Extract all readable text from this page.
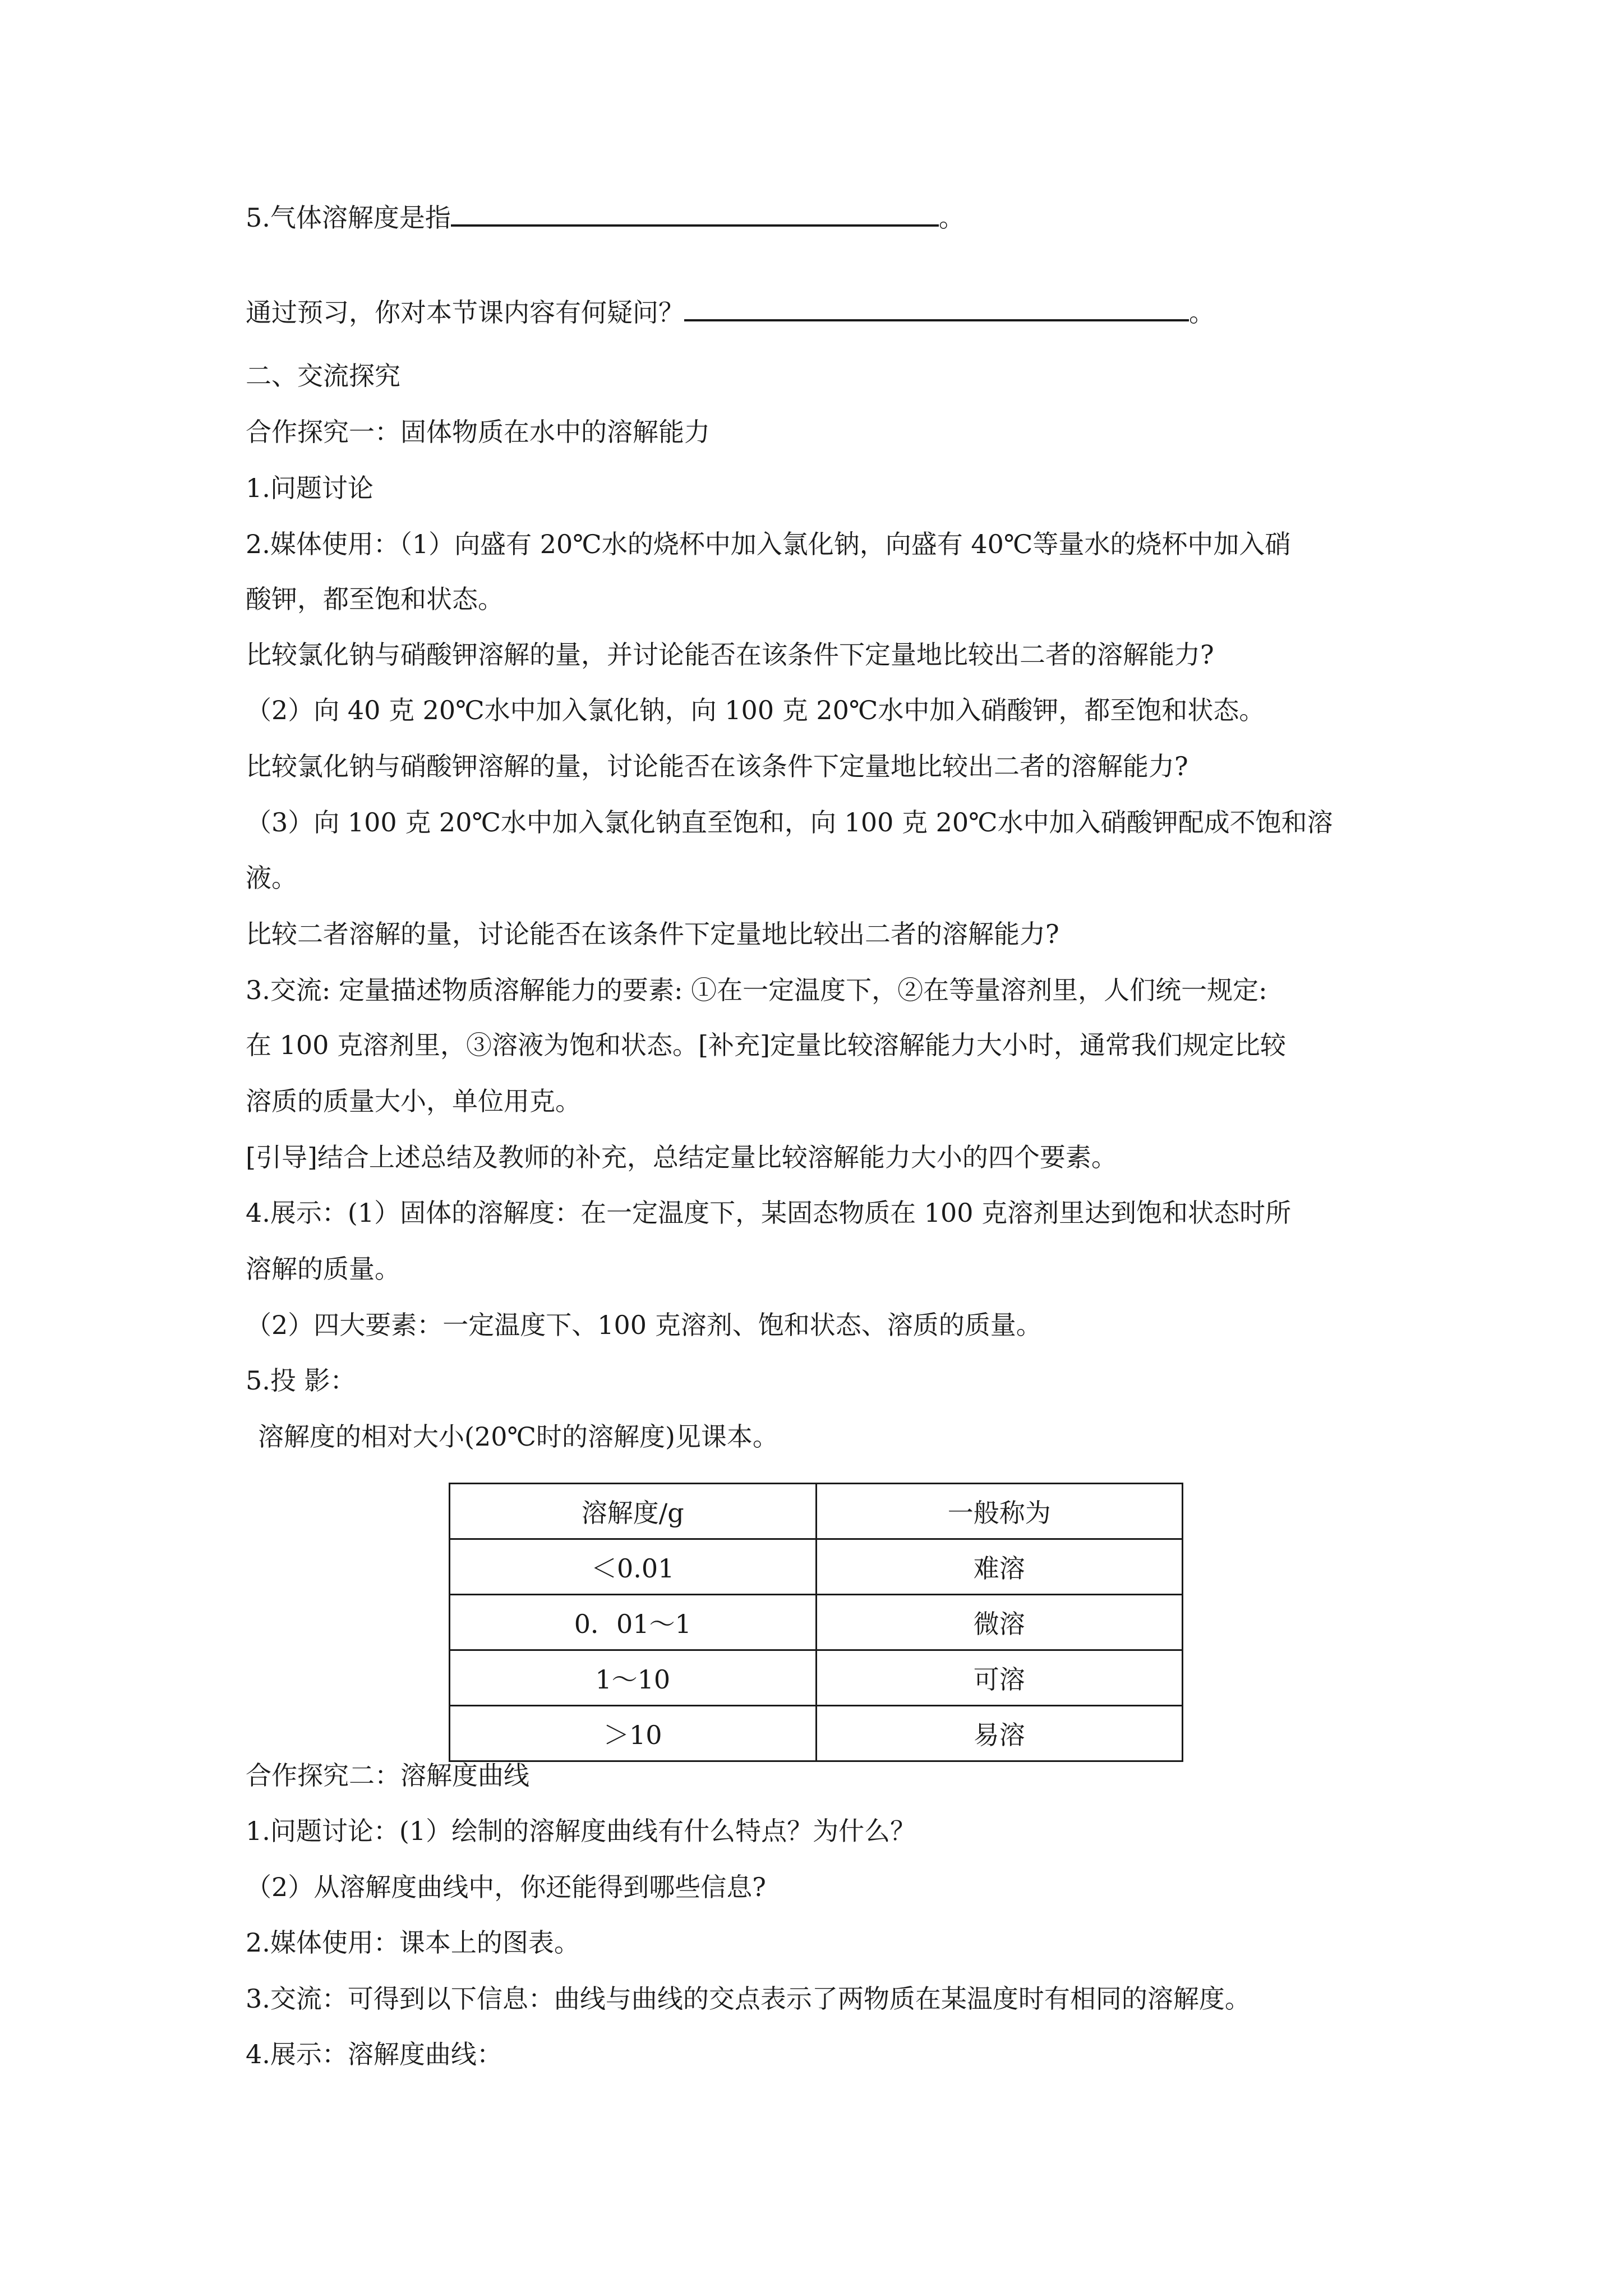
5.气体溶解度是指	。
通过预习，你对本节课内容有何疑问？	。
二、交流探究
合作探究一：固体物质在水中的溶解能力
1.问题讨论
2.媒体使用：（1）向盛有 20℃水的烧杯中加入氯化钠，向盛有 40℃等量水的烧杯中加入硝
酸钾，都至饱和状态。
比较氯化钠与硝酸钾溶解的量，并讨论能否在该条件下定量地比较出二者的溶解能力?
（2）向 40 克 20℃水中加入氯化钠，向 100 克 20℃水中加入硝酸钾，都至饱和状态。
比较氯化钠与硝酸钾溶解的量，讨论能否在该条件下定量地比较出二者的溶解能力?
（3）向 100 克 20℃水中加入氯化钠直至饱和，向 100 克 20℃水中加入硝酸钾配成不饱和溶
液。
比较二者溶解的量，讨论能否在该条件下定量地比较出二者的溶解能力?
3.交流: 定量描述物质溶解能力的要素: ①在一定温度下，②在等量溶剂里，人们统一规定:
在 100 克溶剂里，③溶液为饱和状态。[补充]定量比较溶解能力大小时，通常我们规定比较
溶质的质量大小，单位用克。
[引导]结合上述总结及教师的补充，总结定量比较溶解能力大小的四个要素。
4.展示：(1）固体的溶解度：在一定温度下，某固态物质在 100 克溶剂里达到饱和状态时所
溶解的质量。
（2）四大要素：一定温度下、100 克溶剂、饱和状态、溶质的质量。
5.投 影：
溶解度的相对大小(20℃时的溶解度)见课本。
溶解度/g	一般称为
＜0.01	难溶
0．01～1	微溶
1～10	可溶
＞10	易溶
合作探究二：溶解度曲线
1.问题讨论：(1）绘制的溶解度曲线有什么特点？为什么？
（2）从溶解度曲线中，你还能得到哪些信息?
2.媒体使用：课本上的图表。
3.交流：可得到以下信息：曲线与曲线的交点表示了两物质在某温度时有相同的溶解度。
4.展示：溶解度曲线：
